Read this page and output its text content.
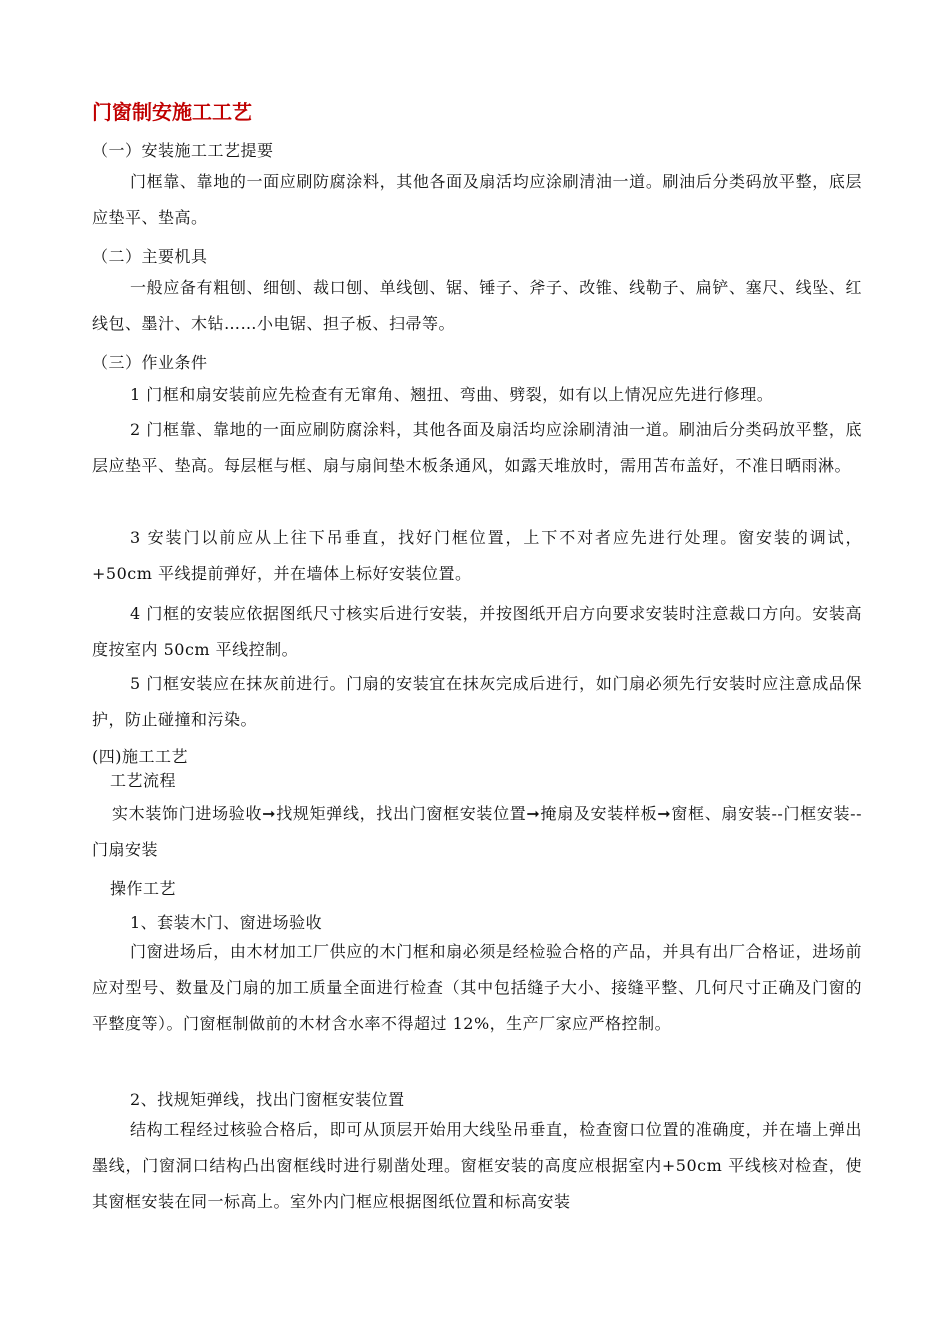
门窗制安施工工艺
（一）安装施工工艺提要
门框靠、靠地的一面应刷防腐涂料，其他各面及扇活均应涂刷清油一道。刷油后分类码放平整，底层应垫平、垫高。
（二）主要机具
一般应备有粗刨、细刨、裁口刨、单线刨、锯、锤子、斧子、改锥、线勒子、扁铲、塞尺、线坠、红线包、墨汁、木钻……小电锯、担子板、扫帚等。
（三）作业条件
1 门框和扇安装前应先检查有无窜角、翘扭、弯曲、劈裂，如有以上情况应先进行修理。
2 门框靠、靠地的一面应刷防腐涂料，其他各面及扇活均应涂刷清油一道。刷油后分类码放平整，底层应垫平、垫高。每层框与框、扇与扇间垫木板条通风，如露天堆放时，需用苫布盖好，不准日晒雨淋。
3 安装门以前应从上往下吊垂直，找好门框位置，上下不对者应先进行处理。窗安装的调试，+50cm 平线提前弹好，并在墙体上标好安装位置。
4 门框的安装应依据图纸尺寸核实后进行安装，并按图纸开启方向要求安装时注意裁口方向。安装高度按室内 50cm 平线控制。
5 门框安装应在抹灰前进行。门扇的安装宜在抹灰完成后进行，如门扇必须先行安装时应注意成品保护，防止碰撞和污染。
(四)施工工艺
工艺流程
实木装饰门进场验收➞找规矩弹线，找出门窗框安装位置➞掩扇及安装样板➞窗框、扇安装--门框安装--门扇安装
操作工艺
1、套装木门、窗进场验收
门窗进场后，由木材加工厂供应的木门框和扇必须是经检验合格的产品，并具有出厂合格证，进场前应对型号、数量及门扇的加工质量全面进行检查（其中包括缝子大小、接缝平整、几何尺寸正确及门窗的平整度等）。门窗框制做前的木材含水率不得超过 12%，生产厂家应严格控制。
2、找规矩弹线，找出门窗框安装位置
结构工程经过核验合格后，即可从顶层开始用大线坠吊垂直，检查窗口位置的准确度，并在墙上弹出墨线，门窗洞口结构凸出窗框线时进行剔凿处理。窗框安装的高度应根据室内+50cm 平线核对检查，使其窗框安装在同一标高上。室外内门框应根据图纸位置和标高安装
